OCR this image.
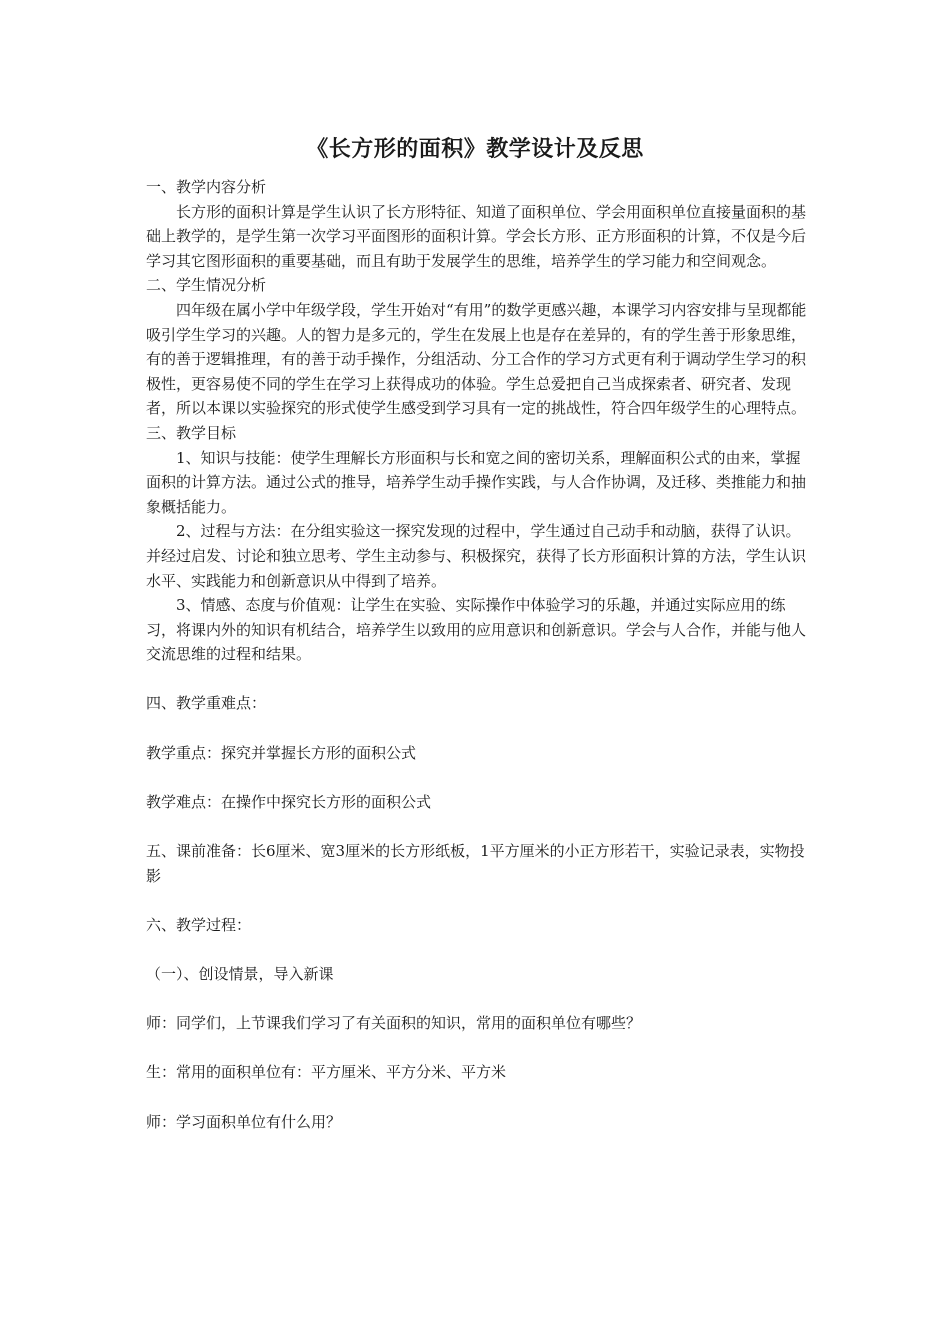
《长方形的面积》教学设计及反思

一、教学内容分析

长方形的面积计算是学生认识了长方形特征、知道了面积单位、学会用面积单位直接量面积的基础上教学的，是学生第一次学习平面图形的面积计算。学会长方形、正方形面积的计算，不仅是今后学习其它图形面积的重要基础，而且有助于发展学生的思维，培养学生的学习能力和空间观念。

二、学生情况分析

四年级在属小学中年级学段，学生开始对“有用”的数学更感兴趣，本课学习内容安排与呈现都能吸引学生学习的兴趣。人的智力是多元的，学生在发展上也是存在差异的，有的学生善于形象思维，有的善于逻辑推理，有的善于动手操作，分组活动、分工合作的学习方式更有利于调动学生学习的积极性，更容易使不同的学生在学习上获得成功的体验。学生总爱把自己当成探索者、研究者、发现者，所以本课以实验探究的形式使学生感受到学习具有一定的挑战性，符合四年级学生的心理特点。

三、教学目标

1、知识与技能：使学生理解长方形面积与长和宽之间的密切关系，理解面积公式的由来，掌握面积的计算方法。通过公式的推导，培养学生动手操作实践，与人合作协调，及迁移、类推能力和抽象概括能力。

2、过程与方法：在分组实验这一探究发现的过程中，学生通过自己动手和动脑，获得了认识。并经过启发、讨论和独立思考、学生主动参与、积极探究，获得了长方形面积计算的方法，学生认识水平、实践能力和创新意识从中得到了培养。

3、情感、态度与价值观：让学生在实验、实际操作中体验学习的乐趣，并通过实际应用的练习，将课内外的知识有机结合，培养学生以致用的应用意识和创新意识。学会与人合作，并能与他人交流思维的过程和结果。

四、教学重难点：

教学重点：探究并掌握长方形的面积公式

教学难点：在操作中探究长方形的面积公式

五、课前准备：长6厘米、宽3厘米的长方形纸板，1平方厘米的小正方形若干，实验记录表，实物投影

六、教学过程：

（一）、创设情景，导入新课

师：同学们，上节课我们学习了有关面积的知识，常用的面积单位有哪些？

生：常用的面积单位有：平方厘米、平方分米、平方米

师：学习面积单位有什么用？
